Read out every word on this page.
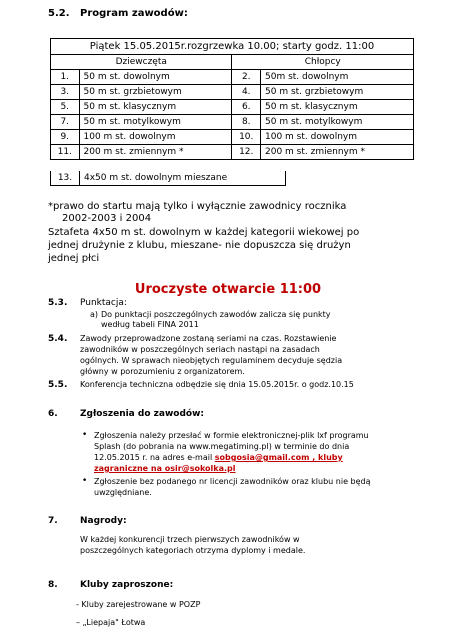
5.2. Program zawodów:
Piątek 15.05.2015r.rozgrzewka 10.00; starty godz. 11:00			
Dziewczęta		Chłopcy	
1.	50 m st. dowolnym	2.	50m st. dowolnym
3.	50 m st. grzbietowym	4.	50 m st. grzbietowym
5.	50 m st. klasycznym	6.	50 m st. klasycznym
7.	50 m st. motylkowym	8.	50 m st. motylkowym
9.	100 m st. dowolnym	10.	100 m st. dowolnym
11.	200 m st. zmiennym *	12.	200 m st. zmiennym *
13.	4x50 m st. dowolnym mieszane
*prawo do startu mają tylko i wyłącznie zawodnicy rocznika
2002-2003 i 2004
Sztafeta 4x50 m st. dowolnym w każdej kategorii wiekowej po
jednej drużynie z klubu, mieszane- nie dopuszcza się drużyn
jednej płci
Uroczyste otwarcie 11:00
5.3. Punktacja:
a) Do punktacji poszczególnych zawodów zalicza się punkty
według tabeli FINA 2011
5.4. Zawody przeprowadzone zostaną seriami na czas. Rozstawienie
zawodników w poszczególnych seriach nastąpi na zasadach
ogólnych. W sprawach nieobjętych regulaminem decyduje sędzia
główny w porozumieniu z organizatorem.
5.5. Konferencja techniczna odbędzie się dnia 15.05.2015r. o godz.10.15
6. Zgłoszenia do zawodów:
• Zgłoszenia należy przesłać w formie elektronicznej-plik lxf programu
Splash (do pobrania na www.megatiming.pl) w terminie do dnia
12.05.2015 r. na adres e-mail sobgosia@gmail.com , kluby
zagraniczne na osir@sokolka.pl
• Zgłoszenie bez podanego nr licencji zawodników oraz klubu nie będą
uwzględniane.
7. Nagrody:
W każdej konkurencji trzech pierwszych zawodników w
poszczególnych kategoriach otrzyma dyplomy i medale.
8. Kluby zaproszone:
- Kluby zarejestrowane w POZP
– „Liepaja" Łotwa
